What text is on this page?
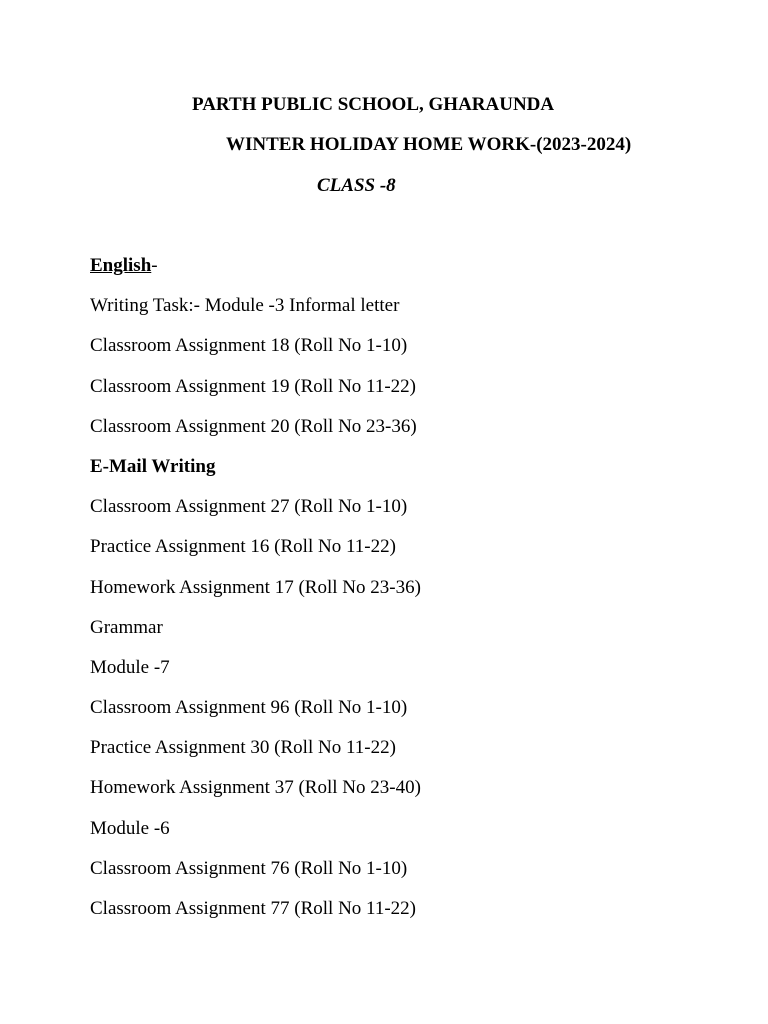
PARTH PUBLIC SCHOOL, GHARAUNDA
WINTER HOLIDAY HOME WORK-(2023-2024)
CLASS -8
English-
Writing Task:- Module -3 Informal letter
Classroom Assignment 18 (Roll No 1-10)
Classroom Assignment 19 (Roll No 11-22)
Classroom Assignment 20 (Roll No 23-36)
E-Mail Writing
Classroom Assignment 27 (Roll No 1-10)
Practice Assignment 16 (Roll No 11-22)
Homework Assignment 17 (Roll No 23-36)
Grammar
Module -7
Classroom Assignment 96 (Roll No 1-10)
Practice Assignment 30 (Roll No 11-22)
Homework Assignment 37 (Roll No 23-40)
Module -6
Classroom Assignment 76 (Roll No 1-10)
Classroom Assignment 77 (Roll No 11-22)
